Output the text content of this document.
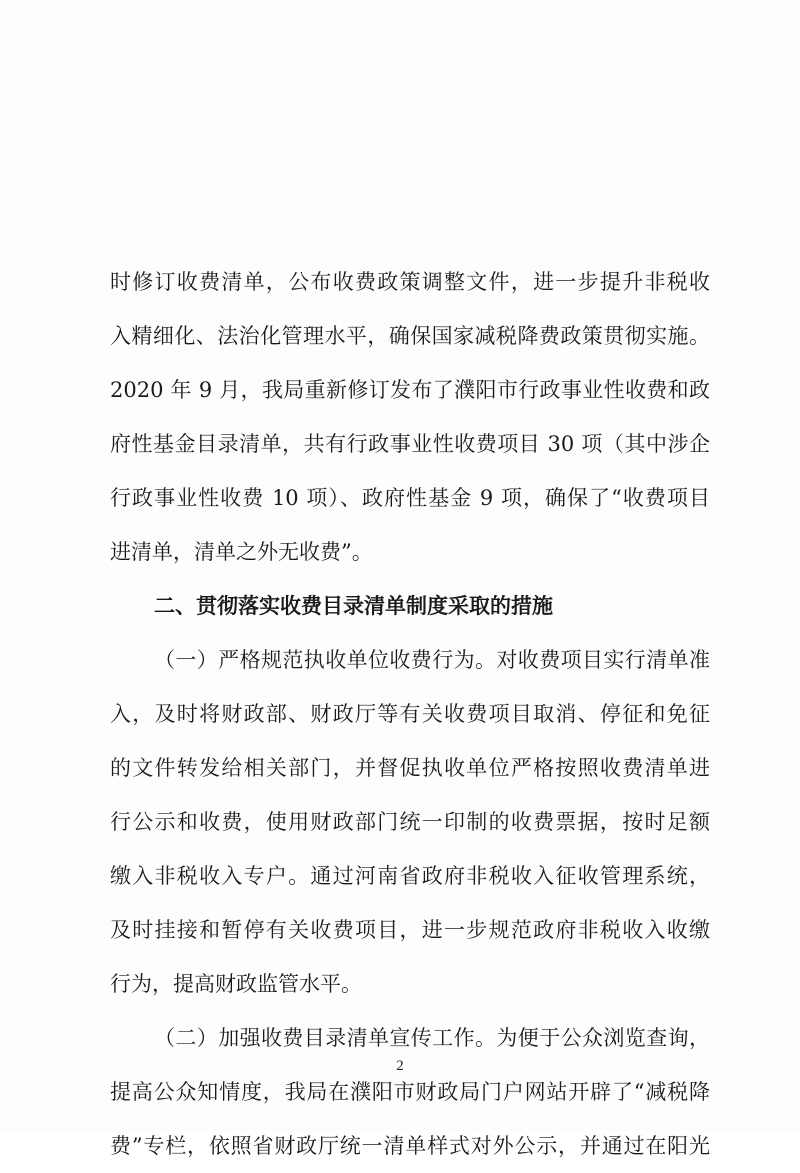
时修订收费清单，公布收费政策调整文件，进一步提升非税收
入精细化、法治化管理水平，确保国家减税降费政策贯彻实施。
2020 年 9 月，我局重新修订发布了濮阳市行政事业性收费和政
府性基金目录清单，共有行政事业性收费项目 30 项（其中涉企
行政事业性收费 10 项）、政府性基金 9 项，确保了“收费项目
进清单，清单之外无收费”。
二、贯彻落实收费目录清单制度采取的措施
（一）严格规范执收单位收费行为。对收费项目实行清单准
入，及时将财政部、财政厅等有关收费项目取消、停征和免征
的文件转发给相关部门，并督促执收单位严格按照收费清单进
行公示和收费，使用财政部门统一印制的收费票据，按时足额
缴入非税收入专户。通过河南省政府非税收入征收管理系统，
及时挂接和暂停有关收费项目，进一步规范政府非税收入收缴
行为，提高财政监管水平。
（二）加强收费目录清单宣传工作。为便于公众浏览查询，
提高公众知情度，我局在濮阳市财政局门户网站开辟了“减税降
费”专栏，依照省财政厅统一清单样式对外公示，并通过在阳光
2
